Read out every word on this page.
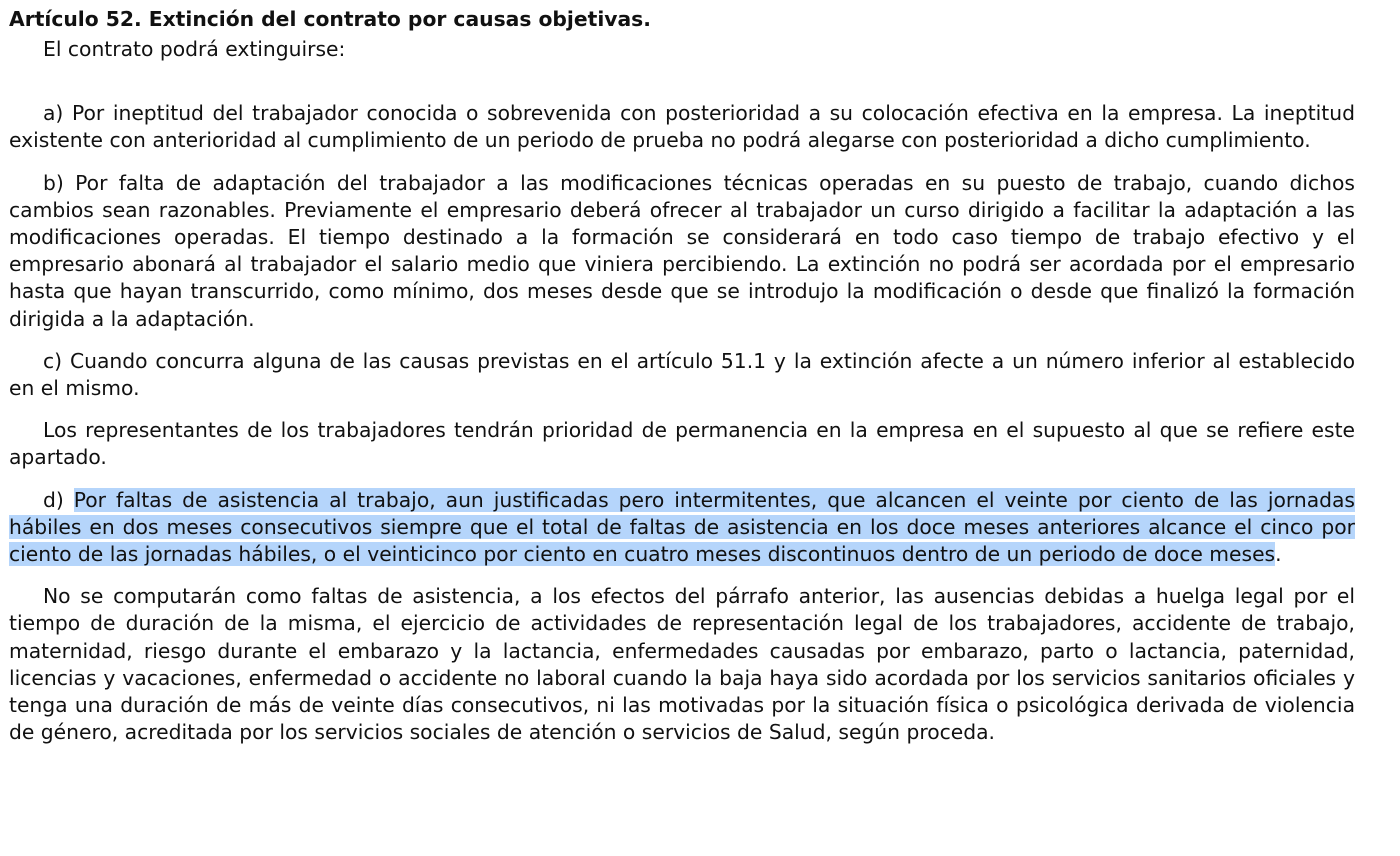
Artículo 52. Extinción del contrato por causas objetivas.

El contrato podrá extinguirse:

a) Por ineptitud del trabajador conocida o sobrevenida con posterioridad a su colocación efectiva en la empresa. La ineptitud existente con anterioridad al cumplimiento de un periodo de prueba no podrá alegarse con posterioridad a dicho cumplimiento.

b) Por falta de adaptación del trabajador a las modificaciones técnicas operadas en su puesto de trabajo, cuando dichos cambios sean razonables. Previamente el empresario deberá ofrecer al trabajador un curso dirigido a facilitar la adaptación a las modificaciones operadas. El tiempo destinado a la formación se considerará en todo caso tiempo de trabajo efectivo y el empresario abonará al trabajador el salario medio que viniera percibiendo. La extinción no podrá ser acordada por el empresario hasta que hayan transcurrido, como mínimo, dos meses desde que se introdujo la modificación o desde que finalizó la formación dirigida a la adaptación.

c) Cuando concurra alguna de las causas previstas en el artículo 51.1 y la extinción afecte a un número inferior al establecido en el mismo.

Los representantes de los trabajadores tendrán prioridad de permanencia en la empresa en el supuesto al que se refiere este apartado.

d) Por faltas de asistencia al trabajo, aun justificadas pero intermitentes, que alcancen el veinte por ciento de las jornadas hábiles en dos meses consecutivos siempre que el total de faltas de asistencia en los doce meses anteriores alcance el cinco por ciento de las jornadas hábiles, o el veinticinco por ciento en cuatro meses discontinuos dentro de un periodo de doce meses.

No se computarán como faltas de asistencia, a los efectos del párrafo anterior, las ausencias debidas a huelga legal por el tiempo de duración de la misma, el ejercicio de actividades de representación legal de los trabajadores, accidente de trabajo, maternidad, riesgo durante el embarazo y la lactancia, enfermedades causadas por embarazo, parto o lactancia, paternidad, licencias y vacaciones, enfermedad o accidente no laboral cuando la baja haya sido acordada por los servicios sanitarios oficiales y tenga una duración de más de veinte días consecutivos, ni las motivadas por la situación física o psicológica derivada de violencia de género, acreditada por los servicios sociales de atención o servicios de Salud, según proceda.
